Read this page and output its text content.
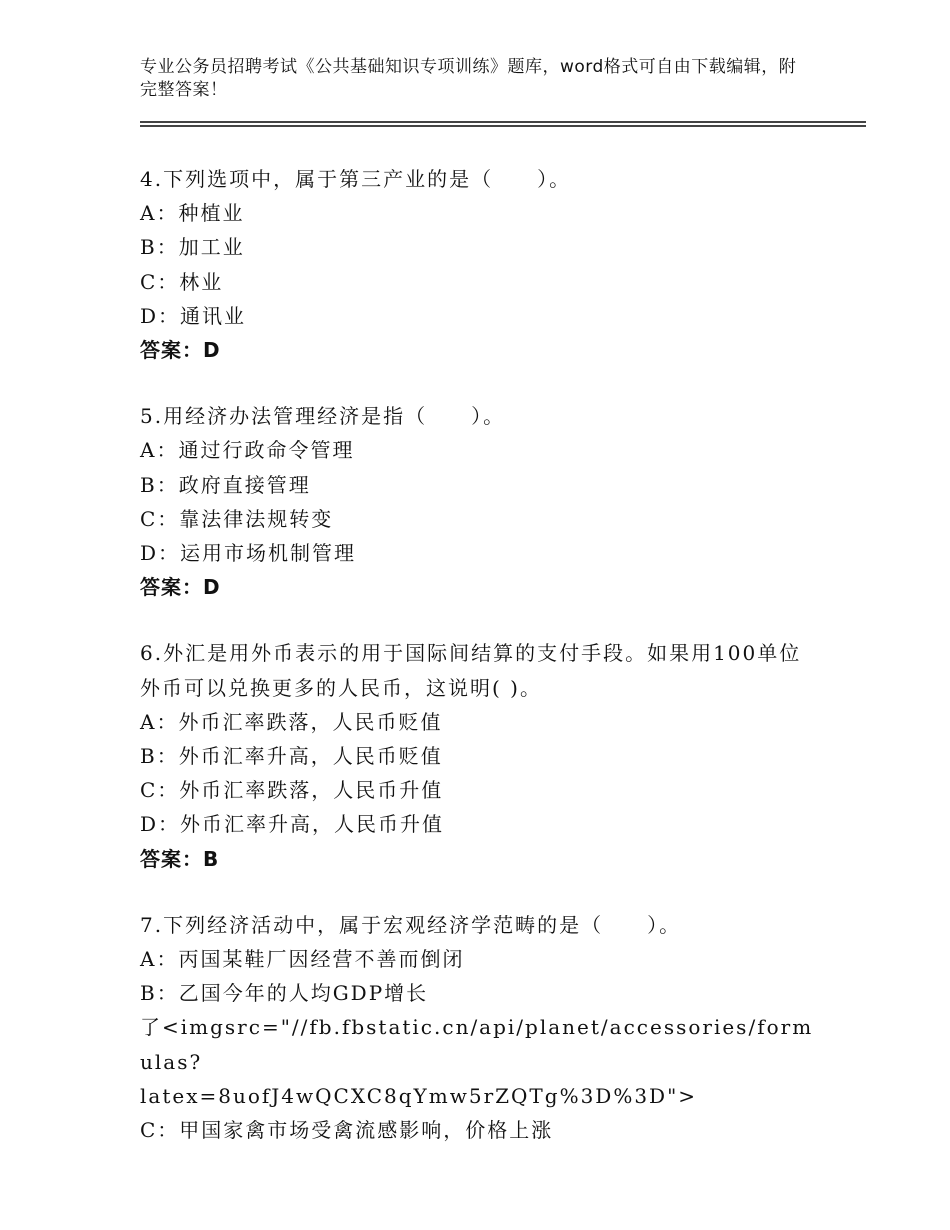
专业公务员招聘考试《公共基础知识专项训练》题库，word格式可自由下载编辑，附完整答案！
4.下列选项中，属于第三产业的是（　　）。
A：种植业
B：加工业
C：林业
D：通讯业
答案：D
5.用经济办法管理经济是指（　　）。
A：通过行政命令管理
B：政府直接管理
C：靠法律法规转变
D：运用市场机制管理
答案：D
6.外汇是用外币表示的用于国际间结算的支付手段。如果用100单位
外币可以兑换更多的人民币，这说明( )。
A：外币汇率跌落，人民币贬值
B：外币汇率升高，人民币贬值
C：外币汇率跌落，人民币升值
D：外币汇率升高，人民币升值
答案：B
7.下列经济活动中，属于宏观经济学范畴的是（　　）。
A：丙国某鞋厂因经营不善而倒闭
B：乙国今年的人均GDP增长
了<imgsrc="//fb.fbstatic.cn/api/planet/accessories/formulas?
latex=8uofJ4wQCXC8qYmw5rZQTg%3D%3D">
C：甲国家禽市场受禽流感影响，价格上涨
